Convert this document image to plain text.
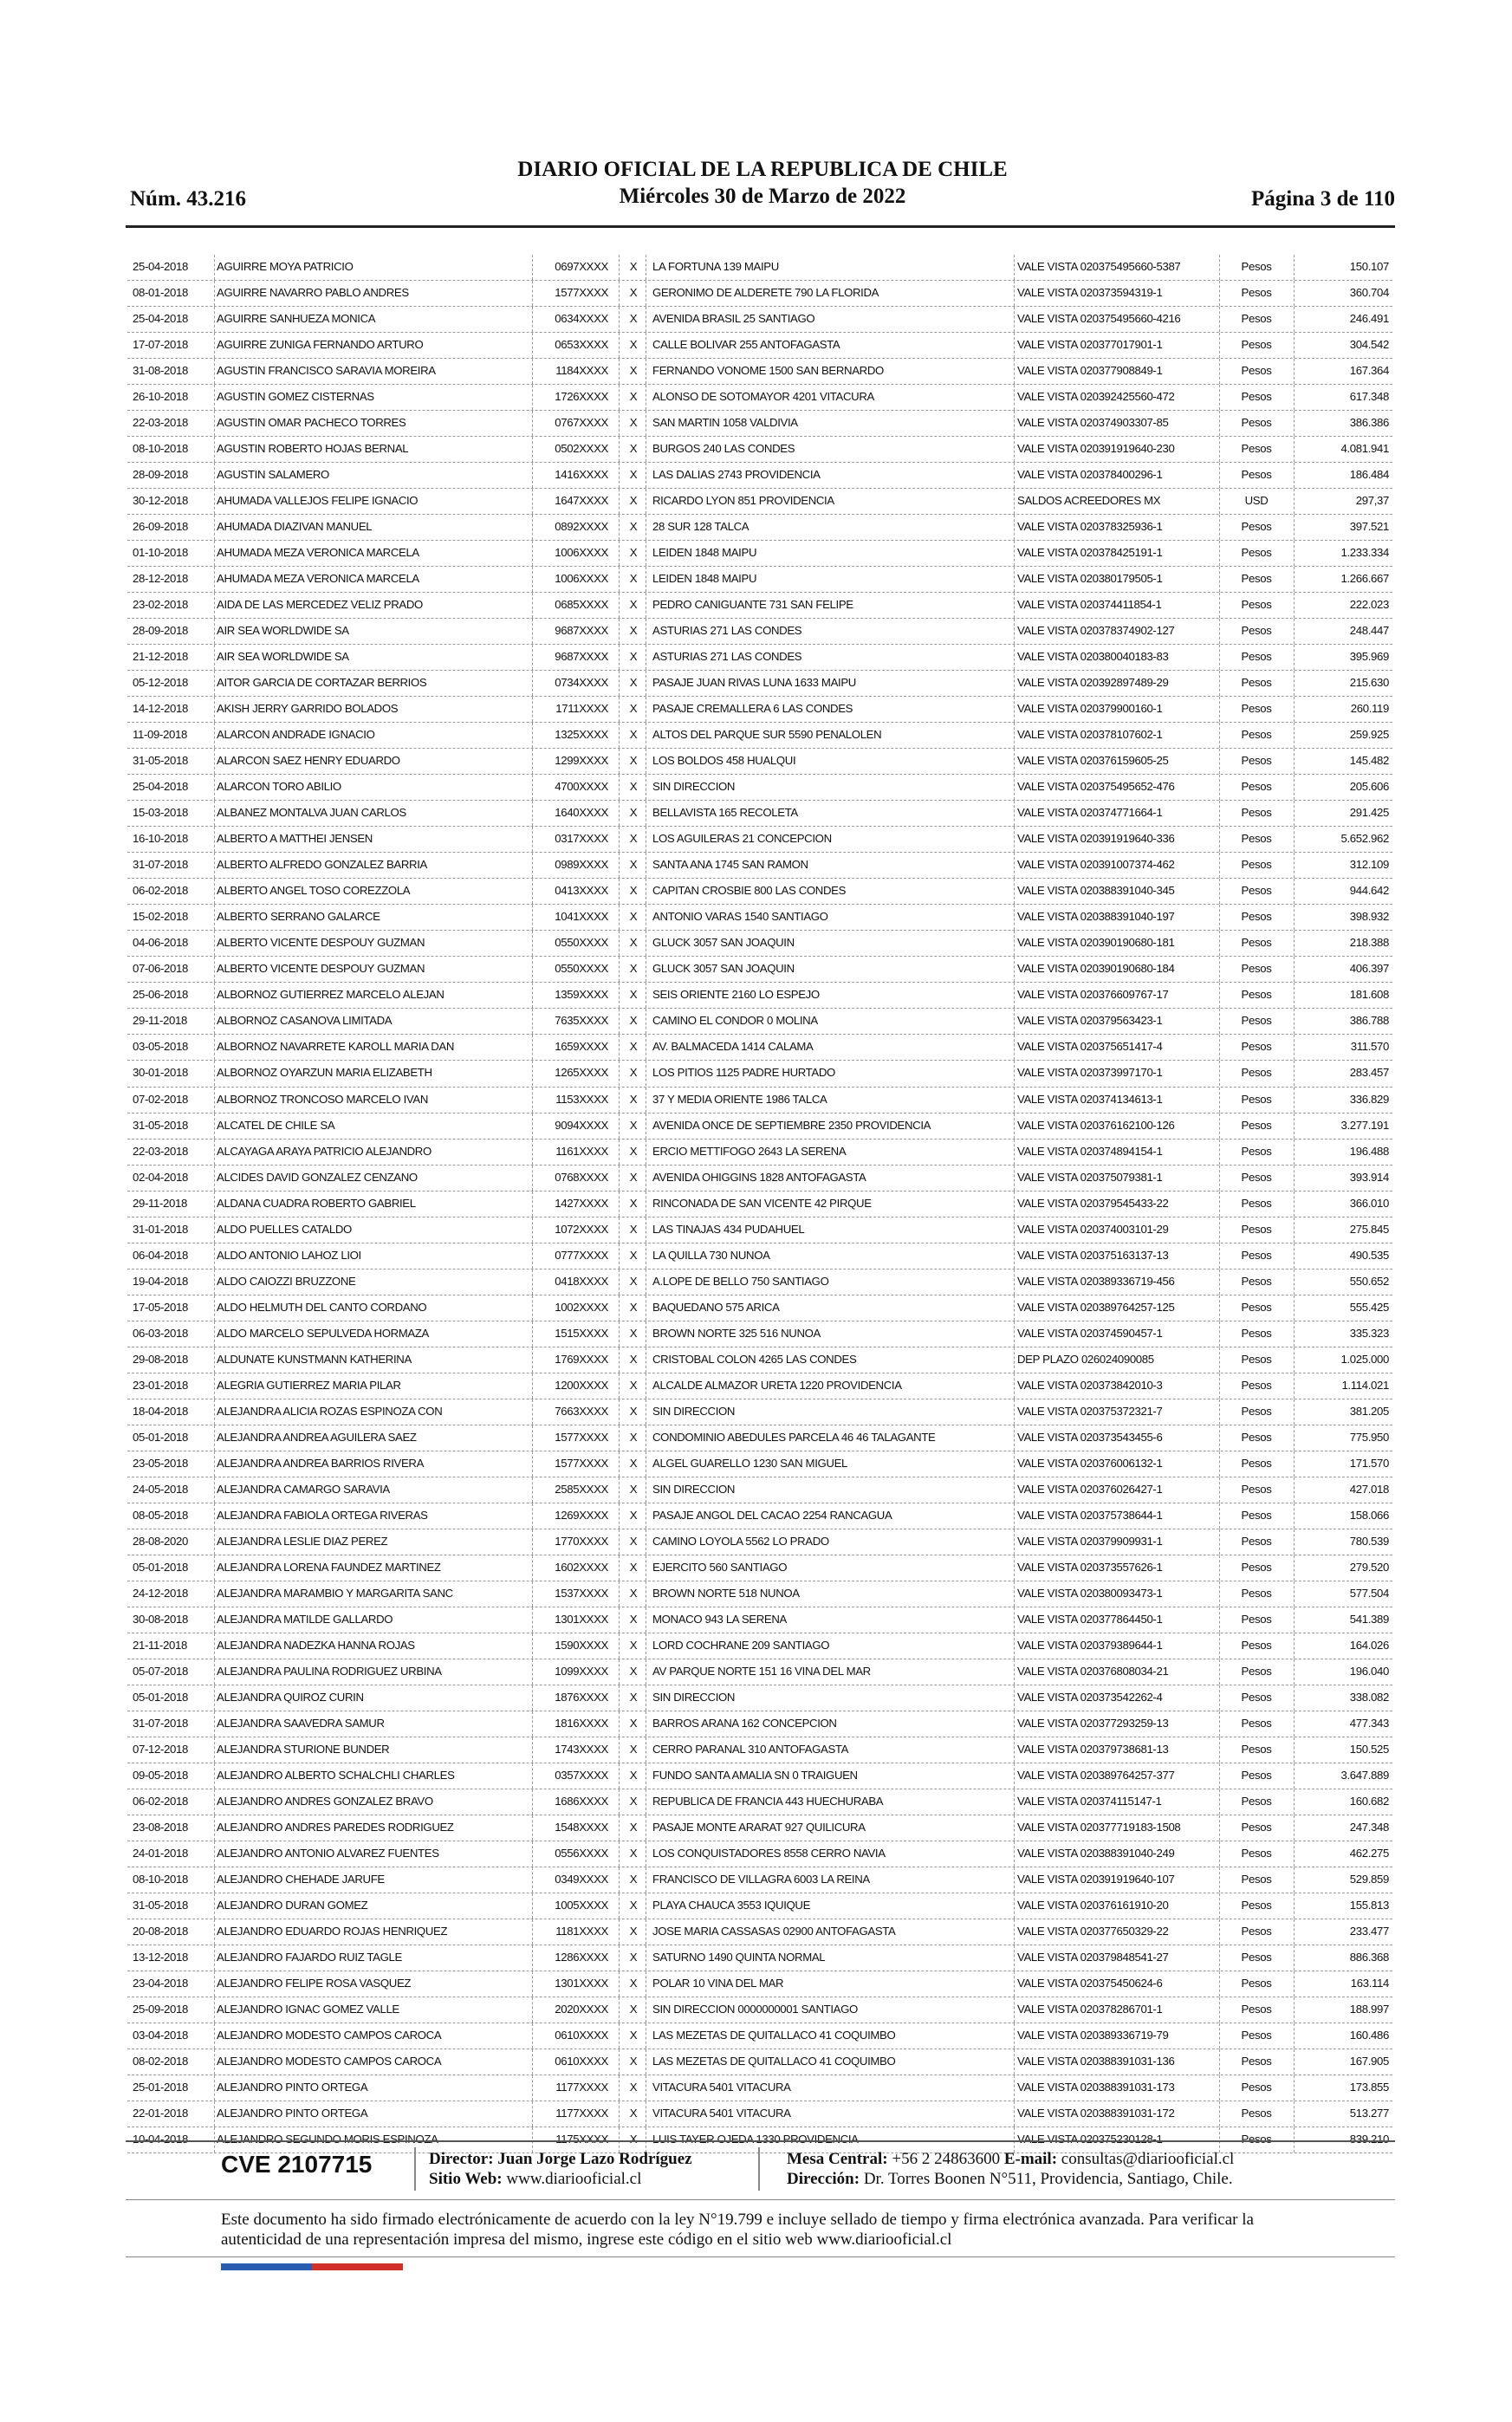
Núm. 43.216
DIARIO OFICIAL DE LA REPUBLICA DE CHILE
Miércoles 30 de Marzo de 2022	Página 3 de 110
25-04-2018	AGUIRRE MOYA PATRICIO	0697XXXX	X	LA FORTUNA 139 MAIPU	VALE VISTA 020375495660-5387	Pesos	150.107
08-01-2018	AGUIRRE NAVARRO PABLO ANDRES	1577XXXX	X	GERONIMO DE ALDERETE 790 LA FLORIDA	VALE VISTA 020373594319-1	Pesos	360.704
25-04-2018	AGUIRRE SANHUEZA MONICA	0634XXXX	X	AVENIDA BRASIL 25 SANTIAGO	VALE VISTA 020375495660-4216	Pesos	246.491
17-07-2018	AGUIRRE ZUNIGA FERNANDO ARTURO	0653XXXX	X	CALLE BOLIVAR 255 ANTOFAGASTA	VALE VISTA 020377017901-1	Pesos	304.542
31-08-2018	AGUSTIN FRANCISCO SARAVIA MOREIRA	1184XXXX	X	FERNANDO VONOME 1500 SAN BERNARDO	VALE VISTA 020377908849-1	Pesos	167.364
26-10-2018	AGUSTIN GOMEZ CISTERNAS	1726XXXX	X	ALONSO DE SOTOMAYOR 4201 VITACURA	VALE VISTA 020392425560-472	Pesos	617.348
22-03-2018	AGUSTIN OMAR PACHECO TORRES	0767XXXX	X	SAN MARTIN 1058 VALDIVIA	VALE VISTA 020374903307-85	Pesos	386.386
08-10-2018	AGUSTIN ROBERTO HOJAS BERNAL	0502XXXX	X	BURGOS 240 LAS CONDES	VALE VISTA 020391919640-230	Pesos	4.081.941
28-09-2018	AGUSTIN SALAMERO	1416XXXX	X	LAS DALIAS 2743 PROVIDENCIA	VALE VISTA 020378400296-1	Pesos	186.484
30-12-2018	AHUMADA VALLEJOS FELIPE IGNACIO	1647XXXX	X	RICARDO LYON 851 PROVIDENCIA	SALDOS ACREEDORES MX	USD	297,37
26-09-2018	AHUMADA DIAZIVAN MANUEL	0892XXXX	X	28 SUR 128 TALCA	VALE VISTA 020378325936-1	Pesos	397.521
01-10-2018	AHUMADA MEZA VERONICA MARCELA	1006XXXX	X	LEIDEN 1848 MAIPU	VALE VISTA 020378425191-1	Pesos	1.233.334
28-12-2018	AHUMADA MEZA VERONICA MARCELA	1006XXXX	X	LEIDEN 1848 MAIPU	VALE VISTA 020380179505-1	Pesos	1.266.667
23-02-2018	AIDA DE LAS MERCEDEZ VELIZ PRADO	0685XXXX	X	PEDRO CANIGUANTE 731 SAN FELIPE	VALE VISTA 020374411854-1	Pesos	222.023
28-09-2018	AIR SEA WORLDWIDE SA	9687XXXX	X	ASTURIAS 271 LAS CONDES	VALE VISTA 020378374902-127	Pesos	248.447
21-12-2018	AIR SEA WORLDWIDE SA	9687XXXX	X	ASTURIAS 271 LAS CONDES	VALE VISTA 020380040183-83	Pesos	395.969
05-12-2018	AITOR GARCIA DE CORTAZAR BERRIOS	0734XXXX	X	PASAJE JUAN RIVAS LUNA 1633 MAIPU	VALE VISTA 020392897489-29	Pesos	215.630
14-12-2018	AKISH JERRY GARRIDO BOLADOS	1711XXXX	X	PASAJE CREMALLERA 6 LAS CONDES	VALE VISTA 020379900160-1	Pesos	260.119
11-09-2018	ALARCON ANDRADE IGNACIO	1325XXXX	X	ALTOS DEL PARQUE SUR 5590 PENALOLEN	VALE VISTA 020378107602-1	Pesos	259.925
31-05-2018	ALARCON SAEZ HENRY EDUARDO	1299XXXX	X	LOS BOLDOS 458 HUALQUI	VALE VISTA 020376159605-25	Pesos	145.482
25-04-2018	ALARCON TORO ABILIO	4700XXXX	X	SIN DIRECCION	VALE VISTA 020375495652-476	Pesos	205.606
15-03-2018	ALBANEZ MONTALVA JUAN CARLOS	1640XXXX	X	BELLAVISTA 165 RECOLETA	VALE VISTA 020374771664-1	Pesos	291.425
16-10-2018	ALBERTO A MATTHEI JENSEN	0317XXXX	X	LOS AGUILERAS 21 CONCEPCION	VALE VISTA 020391919640-336	Pesos	5.652.962
31-07-2018	ALBERTO ALFREDO GONZALEZ BARRIA	0989XXXX	X	SANTA ANA 1745 SAN RAMON	VALE VISTA 020391007374-462	Pesos	312.109
06-02-2018	ALBERTO ANGEL TOSO COREZZOLA	0413XXXX	X	CAPITAN CROSBIE 800 LAS CONDES	VALE VISTA 020388391040-345	Pesos	944.642
15-02-2018	ALBERTO SERRANO GALARCE	1041XXXX	X	ANTONIO VARAS 1540 SANTIAGO	VALE VISTA 020388391040-197	Pesos	398.932
04-06-2018	ALBERTO VICENTE DESPOUY GUZMAN	0550XXXX	X	GLUCK 3057 SAN JOAQUIN	VALE VISTA 020390190680-181	Pesos	218.388
07-06-2018	ALBERTO VICENTE DESPOUY GUZMAN	0550XXXX	X	GLUCK 3057 SAN JOAQUIN	VALE VISTA 020390190680-184	Pesos	406.397
25-06-2018	ALBORNOZ GUTIERREZ MARCELO ALEJAN	1359XXXX	X	SEIS ORIENTE 2160 LO ESPEJO	VALE VISTA 020376609767-17	Pesos	181.608
29-11-2018	ALBORNOZ CASANOVA LIMITADA	7635XXXX	X	CAMINO EL CONDOR 0 MOLINA	VALE VISTA 020379563423-1	Pesos	386.788
03-05-2018	ALBORNOZ NAVARRETE KAROLL MARIA DAN	1659XXXX	X	AV. BALMACEDA 1414 CALAMA	VALE VISTA 020375651417-4	Pesos	311.570
30-01-2018	ALBORNOZ OYARZUN MARIA ELIZABETH	1265XXXX	X	LOS PITIOS 1125 PADRE HURTADO	VALE VISTA 020373997170-1	Pesos	283.457
07-02-2018	ALBORNOZ TRONCOSO MARCELO IVAN	1153XXXX	X	37 Y MEDIA ORIENTE 1986 TALCA	VALE VISTA 020374134613-1	Pesos	336.829
31-05-2018	ALCATEL DE CHILE SA	9094XXXX	X	AVENIDA ONCE DE SEPTIEMBRE 2350 PROVIDENCIA	VALE VISTA 020376162100-126	Pesos	3.277.191
22-03-2018	ALCAYAGA ARAYA PATRICIO ALEJANDRO	1161XXXX	X	ERCIO METTIFOGO 2643 LA SERENA	VALE VISTA 020374894154-1	Pesos	196.488
02-04-2018	ALCIDES DAVID GONZALEZ CENZANO	0768XXXX	X	AVENIDA OHIGGINS 1828 ANTOFAGASTA	VALE VISTA 020375079381-1	Pesos	393.914
29-11-2018	ALDANA CUADRA ROBERTO GABRIEL	1427XXXX	X	RINCONADA DE SAN VICENTE 42 PIRQUE	VALE VISTA 020379545433-22	Pesos	366.010
31-01-2018	ALDO PUELLES CATALDO	1072XXXX	X	LAS TINAJAS 434 PUDAHUEL	VALE VISTA 020374003101-29	Pesos	275.845
06-04-2018	ALDO ANTONIO LAHOZ LIOI	0777XXXX	X	LA QUILLA 730 NUNOA	VALE VISTA 020375163137-13	Pesos	490.535
19-04-2018	ALDO CAIOZZI BRUZZONE	0418XXXX	X	A.LOPE DE BELLO 750 SANTIAGO	VALE VISTA 020389336719-456	Pesos	550.652
17-05-2018	ALDO HELMUTH DEL CANTO CORDANO	1002XXXX	X	BAQUEDANO 575 ARICA	VALE VISTA 020389764257-125	Pesos	555.425
06-03-2018	ALDO MARCELO SEPULVEDA HORMAZA	1515XXXX	X	BROWN NORTE 325 516 NUNOA	VALE VISTA 020374590457-1	Pesos	335.323
29-08-2018	ALDUNATE KUNSTMANN KATHERINA	1769XXXX	X	CRISTOBAL COLON 4265 LAS CONDES	DEP PLAZO 026024090085	Pesos	1.025.000
23-01-2018	ALEGRIA GUTIERREZ MARIA PILAR	1200XXXX	X	ALCALDE ALMAZOR URETA 1220 PROVIDENCIA	VALE VISTA 020373842010-3	Pesos	1.114.021
18-04-2018	ALEJANDRA ALICIA ROZAS ESPINOZA CON	7663XXXX	X	SIN DIRECCION	VALE VISTA 020375372321-7	Pesos	381.205
05-01-2018	ALEJANDRA ANDREA AGUILERA SAEZ	1577XXXX	X	CONDOMINIO ABEDULES PARCELA 46 46 TALAGANTE	VALE VISTA 020373543455-6	Pesos	775.950
23-05-2018	ALEJANDRA ANDREA BARRIOS RIVERA	1577XXXX	X	ALGEL GUARELLO 1230 SAN MIGUEL	VALE VISTA 020376006132-1	Pesos	171.570
24-05-2018	ALEJANDRA CAMARGO SARAVIA	2585XXXX	X	SIN DIRECCION	VALE VISTA 020376026427-1	Pesos	427.018
08-05-2018	ALEJANDRA FABIOLA ORTEGA RIVERAS	1269XXXX	X	PASAJE ANGOL DEL CACAO 2254 RANCAGUA	VALE VISTA 020375738644-1	Pesos	158.066
28-08-2020	ALEJANDRA LESLIE DIAZ PEREZ	1770XXXX	X	CAMINO LOYOLA 5562 LO PRADO	VALE VISTA 020379909931-1	Pesos	780.539
05-01-2018	ALEJANDRA LORENA FAUNDEZ MARTINEZ	1602XXXX	X	EJERCITO 560 SANTIAGO	VALE VISTA 020373557626-1	Pesos	279.520
24-12-2018	ALEJANDRA MARAMBIO Y MARGARITA SANC	1537XXXX	X	BROWN NORTE 518 NUNOA	VALE VISTA 020380093473-1	Pesos	577.504
30-08-2018	ALEJANDRA MATILDE GALLARDO	1301XXXX	X	MONACO 943 LA SERENA	VALE VISTA 020377864450-1	Pesos	541.389
21-11-2018	ALEJANDRA NADEZKA HANNA ROJAS	1590XXXX	X	LORD COCHRANE 209 SANTIAGO	VALE VISTA 020379389644-1	Pesos	164.026
05-07-2018	ALEJANDRA PAULINA RODRIGUEZ URBINA	1099XXXX	X	AV PARQUE NORTE 151 16 VINA DEL MAR	VALE VISTA 020376808034-21	Pesos	196.040
05-01-2018	ALEJANDRA QUIROZ CURIN	1876XXXX	X	SIN DIRECCION	VALE VISTA 020373542262-4	Pesos	338.082
31-07-2018	ALEJANDRA SAAVEDRA SAMUR	1816XXXX	X	BARROS ARANA 162 CONCEPCION	VALE VISTA 020377293259-13	Pesos	477.343
07-12-2018	ALEJANDRA STURIONE BUNDER	1743XXXX	X	CERRO PARANAL 310 ANTOFAGASTA	VALE VISTA 020379738681-13	Pesos	150.525
09-05-2018	ALEJANDRO ALBERTO SCHALCHLI CHARLES	0357XXXX	X	FUNDO SANTA AMALIA SN 0 TRAIGUEN	VALE VISTA 020389764257-377	Pesos	3.647.889
06-02-2018	ALEJANDRO ANDRES GONZALEZ BRAVO	1686XXXX	X	REPUBLICA DE FRANCIA 443 HUECHURABA	VALE VISTA 020374115147-1	Pesos	160.682
23-08-2018	ALEJANDRO ANDRES PAREDES RODRIGUEZ	1548XXXX	X	PASAJE MONTE ARARAT 927 QUILICURA	VALE VISTA 020377719183-1508	Pesos	247.348
24-01-2018	ALEJANDRO ANTONIO ALVAREZ FUENTES	0556XXXX	X	LOS CONQUISTADORES 8558 CERRO NAVIA	VALE VISTA 020388391040-249	Pesos	462.275
08-10-2018	ALEJANDRO CHEHADE JARUFE	0349XXXX	X	FRANCISCO DE VILLAGRA 6003 LA REINA	VALE VISTA 020391919640-107	Pesos	529.859
31-05-2018	ALEJANDRO DURAN GOMEZ	1005XXXX	X	PLAYA CHAUCA 3553 IQUIQUE	VALE VISTA 020376161910-20	Pesos	155.813
20-08-2018	ALEJANDRO EDUARDO ROJAS HENRIQUEZ	1181XXXX	X	JOSE MARIA CASSASAS 02900 ANTOFAGASTA	VALE VISTA 020377650329-22	Pesos	233.477
13-12-2018	ALEJANDRO FAJARDO RUIZ TAGLE	1286XXXX	X	SATURNO 1490 QUINTA NORMAL	VALE VISTA 020379848541-27	Pesos	886.368
23-04-2018	ALEJANDRO FELIPE ROSA VASQUEZ	1301XXXX	X	POLAR 10 VINA DEL MAR	VALE VISTA 020375450624-6	Pesos	163.114
25-09-2018	ALEJANDRO IGNAC GOMEZ VALLE	2020XXXX	X	SIN DIRECCION 0000000001 SANTIAGO	VALE VISTA 020378286701-1	Pesos	188.997
03-04-2018	ALEJANDRO MODESTO CAMPOS CAROCA	0610XXXX	X	LAS MEZETAS DE QUITALLACO 41 COQUIMBO	VALE VISTA 020389336719-79	Pesos	160.486
08-02-2018	ALEJANDRO MODESTO CAMPOS CAROCA	0610XXXX	X	LAS MEZETAS DE QUITALLACO 41 COQUIMBO	VALE VISTA 020388391031-136	Pesos	167.905
25-01-2018	ALEJANDRO PINTO ORTEGA	1177XXXX	X	VITACURA 5401 VITACURA	VALE VISTA 020388391031-173	Pesos	173.855
22-01-2018	ALEJANDRO PINTO ORTEGA	1177XXXX	X	VITACURA 5401 VITACURA	VALE VISTA 020388391031-172	Pesos	513.277
10-04-2018	ALEJANDRO SEGUNDO MORIS ESPINOZA	1175XXXX	X	LUIS TAYER OJEDA 1330 PROVIDENCIA	VALE VISTA 020375230128-1	Pesos	839.210
CVE 2107715	Director: Juan Jorge Lazo Rodríguez
Sitio Web: www.diariooficial.cl
Mesa Central: +56 2 24863600 E-mail: consultas@diariooficial.cl
Dirección: Dr. Torres Boonen N°511, Providencia, Santiago, Chile.
Este documento ha sido firmado electrónicamente de acuerdo con la ley N°19.799 e incluye sellado de tiempo y firma electrónica avanzada. Para verificar la autenticidad de una representación impresa del mismo, ingrese este código en el sitio web www.diariooficial.cl
